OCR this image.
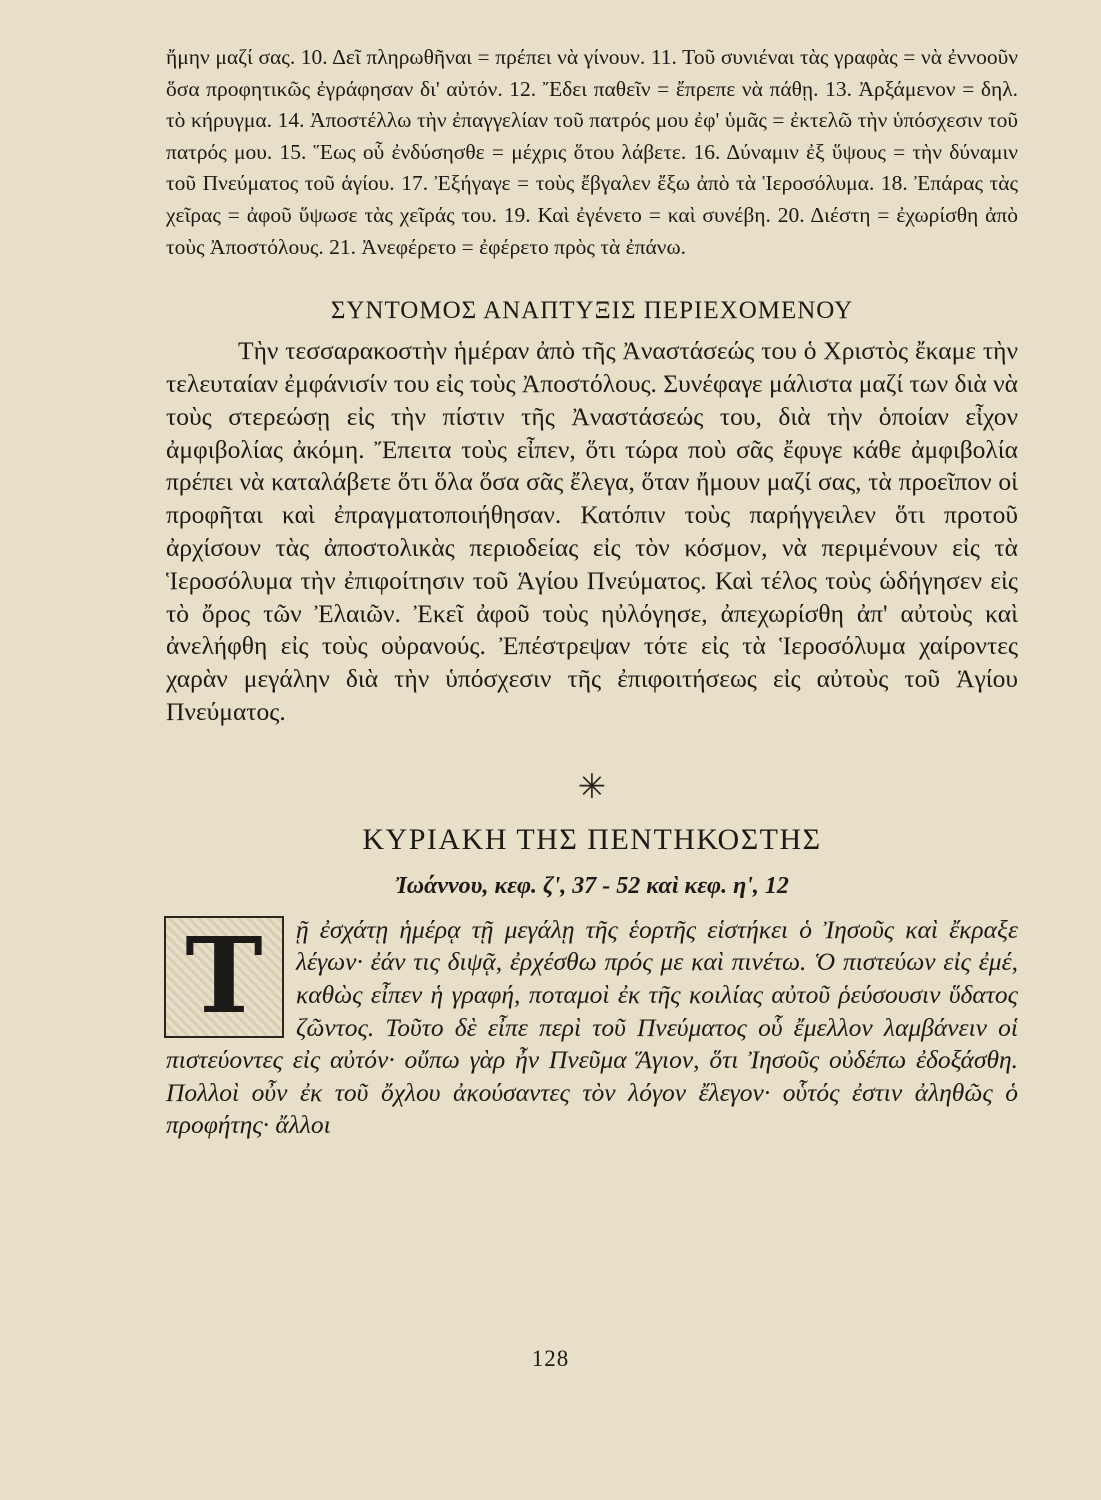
ἤμην μαζί σας. 10. Δεῖ πληρωθῆναι = πρέπει νὰ γίνουν. 11. Τοῦ συνιέναι τὰς γραφὰς = νὰ ἐννοοῦν ὅσα προφητικῶς ἐγράφησαν δι' αὐτόν. 12. Ἔδει παθεῖν = ἔπρεπε νὰ πάθῃ. 13. Ἀρξάμενον = δηλ. τὸ κήρυγμα. 14. Ἀποστέλλω τὴν ἐπαγγελίαν τοῦ πατρός μου ἐφ' ὑμᾶς = ἐκτελῶ τὴν ὑπόσχεσιν τοῦ πατρός μου. 15. Ἕως οὗ ἐνδύσησθε = μέχρις ὅτου λάβετε. 16. Δύναμιν ἐξ ὕψους = τὴν δύναμιν τοῦ Πνεύματος τοῦ ἁγίου. 17. Ἐξήγαγε = τοὺς ἔβγαλεν ἔξω ἀπὸ τὰ Ἱεροσόλυμα. 18. Ἐπάρας τὰς χεῖρας = ἀφοῦ ὕψωσε τὰς χεῖράς του. 19. Καὶ ἐγένετο = καὶ συνέβη. 20. Διέστη = ἐχωρίσθη ἀπὸ τοὺς Ἀποστόλους. 21. Ἀνεφέρετο = ἐφέρετο πρὸς τὰ ἐπάνω.

ΣΥΝΤΟΜΟΣ ΑΝΑΠΤΥΞΙΣ ΠΕΡΙΕΧΟΜΕΝΟΥ

Τὴν τεσσαρακοστὴν ἡμέραν ἀπὸ τῆς Ἀναστάσεώς του ὁ Χριστὸς ἔκαμε τὴν τελευταίαν ἐμφάνισίν του εἰς τοὺς Ἀποστόλους. Συνέφαγε μάλιστα μαζί των διὰ νὰ τοὺς στερεώσῃ εἰς τὴν πίστιν τῆς Ἀναστάσεώς του, διὰ τὴν ὁποίαν εἶχον ἀμφιβολίας ἀκόμη. Ἔπειτα τοὺς εἶπεν, ὅτι τώρα ποὺ σᾶς ἔφυγε κάθε ἀμφιβολία πρέπει νὰ καταλάβετε ὅτι ὅλα ὅσα σᾶς ἔλεγα, ὅταν ἤμουν μαζί σας, τὰ προεῖπον οἱ προφῆται καὶ ἐπραγματοποιήθησαν. Κατόπιν τοὺς παρήγγειλεν ὅτι προτοῦ ἀρχίσουν τὰς ἀποστολικὰς περιοδείας εἰς τὸν κόσμον, νὰ περιμένουν εἰς τὰ Ἱεροσόλυμα τὴν ἐπιφοίτησιν τοῦ Ἁγίου Πνεύματος. Καὶ τέλος τοὺς ὡδήγησεν εἰς τὸ ὄρος τῶν Ἐλαιῶν. Ἐκεῖ ἀφοῦ τοὺς ηὐλόγησε, ἀπεχωρίσθη ἀπ' αὐτοὺς καὶ ἀνελήφθη εἰς τοὺς οὐρανούς. Ἐπέστρεψαν τότε εἰς τὰ Ἱεροσόλυμα χαίροντες χαρὰν μεγάλην διὰ τὴν ὑπόσχεσιν τῆς ἐπιφοιτήσεως εἰς αὐτοὺς τοῦ Ἁγίου Πνεύματος.

✳
ΚΥΡΙΑΚΗ ΤΗΣ ΠΕΝΤΗΚΟΣΤΗΣ
Ἰωάννου, κεφ. ζ', 37 - 52 καὶ κεφ. η', 12
Τ	ῇ ἐσχάτῃ ἡμέρᾳ τῇ μεγάλῃ τῆς ἑορτῆς εἱστήκει ὁ Ἰησοῦς καὶ ἔκραξε λέγων· ἐάν τις διψᾷ, ἐρχέσθω πρός με καὶ πινέτω. Ὁ πιστεύων εἰς ἐμέ, καθὼς εἶπεν ἡ γραφή, ποταμοὶ ἐκ τῆς κοιλίας αὐτοῦ ῥεύσουσιν ὕδατος ζῶντος. Τοῦτο δὲ εἶπε περὶ τοῦ Πνεύματος οὗ ἔμελλον λαμβάνειν οἱ πιστεύοντες εἰς αὐτόν· οὔπω γὰρ ἦν Πνεῦμα Ἅγιον, ὅτι Ἰησοῦς οὐδέπω ἐδοξάσθη. Πολλοὶ οὖν ἐκ τοῦ ὄχλου ἀκούσαντες τὸν λόγον ἔλεγον· οὗτός ἐστιν ἀληθῶς ὁ προφήτης· ἄλλοι
128
